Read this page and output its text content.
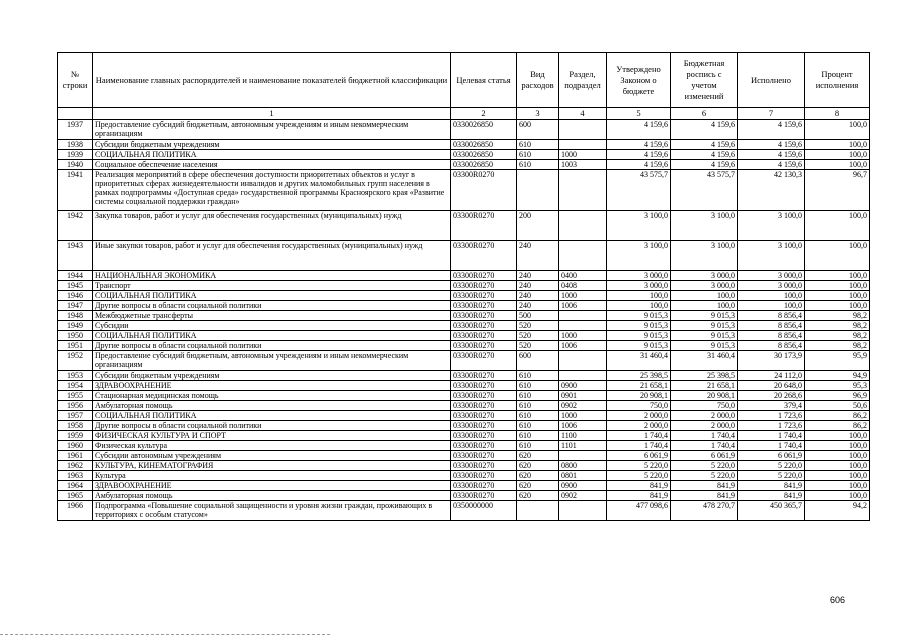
№ строки	Наименование главных распорядителей и наименование показателей бюджетной классификации	Целевая статья	Вид расходов	Раздел, подраздел	Утверждено Законом о бюджете	Бюджетная роспись с учетом изменений	Исполнено	Процент исполнения
	1	2	3	4	5	6	7	8
1937	Предоставление субсидий бюджетным, автономным учреждениям и иным некоммерческим организациям	0330026850	600		4 159,6	4 159,6	4 159,6	100,0
1938	Субсидии бюджетным учреждениям	0330026850	610		4 159,6	4 159,6	4 159,6	100,0
1939	СОЦИАЛЬНАЯ ПОЛИТИКА	0330026850	610	1000	4 159,6	4 159,6	4 159,6	100,0
1940	Социальное обеспечение населения	0330026850	610	1003	4 159,6	4 159,6	4 159,6	100,0
1941	Реализация мероприятий в сфере обеспечения доступности приоритетных объектов и услуг в приоритетных сферах жизнедеятельности инвалидов и других маломобильных групп населения в рамках подпрограммы «Доступная среда» государственной программы Красноярского края «Развитие системы социальной поддержки граждан»	03300R0270			43 575,7	43 575,7	42 130,3	96,7
1942	Закупка товаров, работ и услуг для обеспечения государственных (муниципальных) нужд	03300R0270	200		3 100,0	3 100,0	3 100,0	100,0
1943	Иные закупки товаров, работ и услуг для обеспечения государственных (муниципальных) нужд	03300R0270	240		3 100,0	3 100,0	3 100,0	100,0
1944	НАЦИОНАЛЬНАЯ ЭКОНОМИКА	03300R0270	240	0400	3 000,0	3 000,0	3 000,0	100,0
1945	Транспорт	03300R0270	240	0408	3 000,0	3 000,0	3 000,0	100,0
1946	СОЦИАЛЬНАЯ ПОЛИТИКА	03300R0270	240	1000	100,0	100,0	100,0	100,0
1947	Другие вопросы в области социальной политики	03300R0270	240	1006	100,0	100,0	100,0	100,0
1948	Межбюджетные трансферты	03300R0270	500		9 015,3	9 015,3	8 856,4	98,2
1949	Субсидии	03300R0270	520		9 015,3	9 015,3	8 856,4	98,2
1950	СОЦИАЛЬНАЯ ПОЛИТИКА	03300R0270	520	1000	9 015,3	9 015,3	8 856,4	98,2
1951	Другие вопросы в области социальной политики	03300R0270	520	1006	9 015,3	9 015,3	8 856,4	98,2
1952	Предоставление субсидий бюджетным, автономным учреждениям и иным некоммерческим организациям	03300R0270	600		31 460,4	31 460,4	30 173,9	95,9
1953	Субсидии бюджетным учреждениям	03300R0270	610		25 398,5	25 398,5	24 112,0	94,9
1954	ЗДРАВООХРАНЕНИЕ	03300R0270	610	0900	21 658,1	21 658,1	20 648,0	95,3
1955	Стационарная медицинская помощь	03300R0270	610	0901	20 908,1	20 908,1	20 268,6	96,9
1956	Амбулаторная помощь	03300R0270	610	0902	750,0	750,0	379,4	50,6
1957	СОЦИАЛЬНАЯ ПОЛИТИКА	03300R0270	610	1000	2 000,0	2 000,0	1 723,6	86,2
1958	Другие вопросы в области социальной политики	03300R0270	610	1006	2 000,0	2 000,0	1 723,6	86,2
1959	ФИЗИЧЕСКАЯ КУЛЬТУРА И СПОРТ	03300R0270	610	1100	1 740,4	1 740,4	1 740,4	100,0
1960	Физическая культура	03300R0270	610	1101	1 740,4	1 740,4	1 740,4	100,0
1961	Субсидии автономным учреждениям	03300R0270	620		6 061,9	6 061,9	6 061,9	100,0
1962	КУЛЬТУРА, КИНЕМАТОГРАФИЯ	03300R0270	620	0800	5 220,0	5 220,0	5 220,0	100,0
1963	Культура	03300R0270	620	0801	5 220,0	5 220,0	5 220,0	100,0
1964	ЗДРАВООХРАНЕНИЕ	03300R0270	620	0900	841,9	841,9	841,9	100,0
1965	Амбулаторная помощь	03300R0270	620	0902	841,9	841,9	841,9	100,0
1966	Подпрограмма «Повышение социальной защищенности и уровня жизни граждан, проживающих в территориях с особым статусом»	0350000000			477 098,6	478 270,7	450 365,7	94,2
606
